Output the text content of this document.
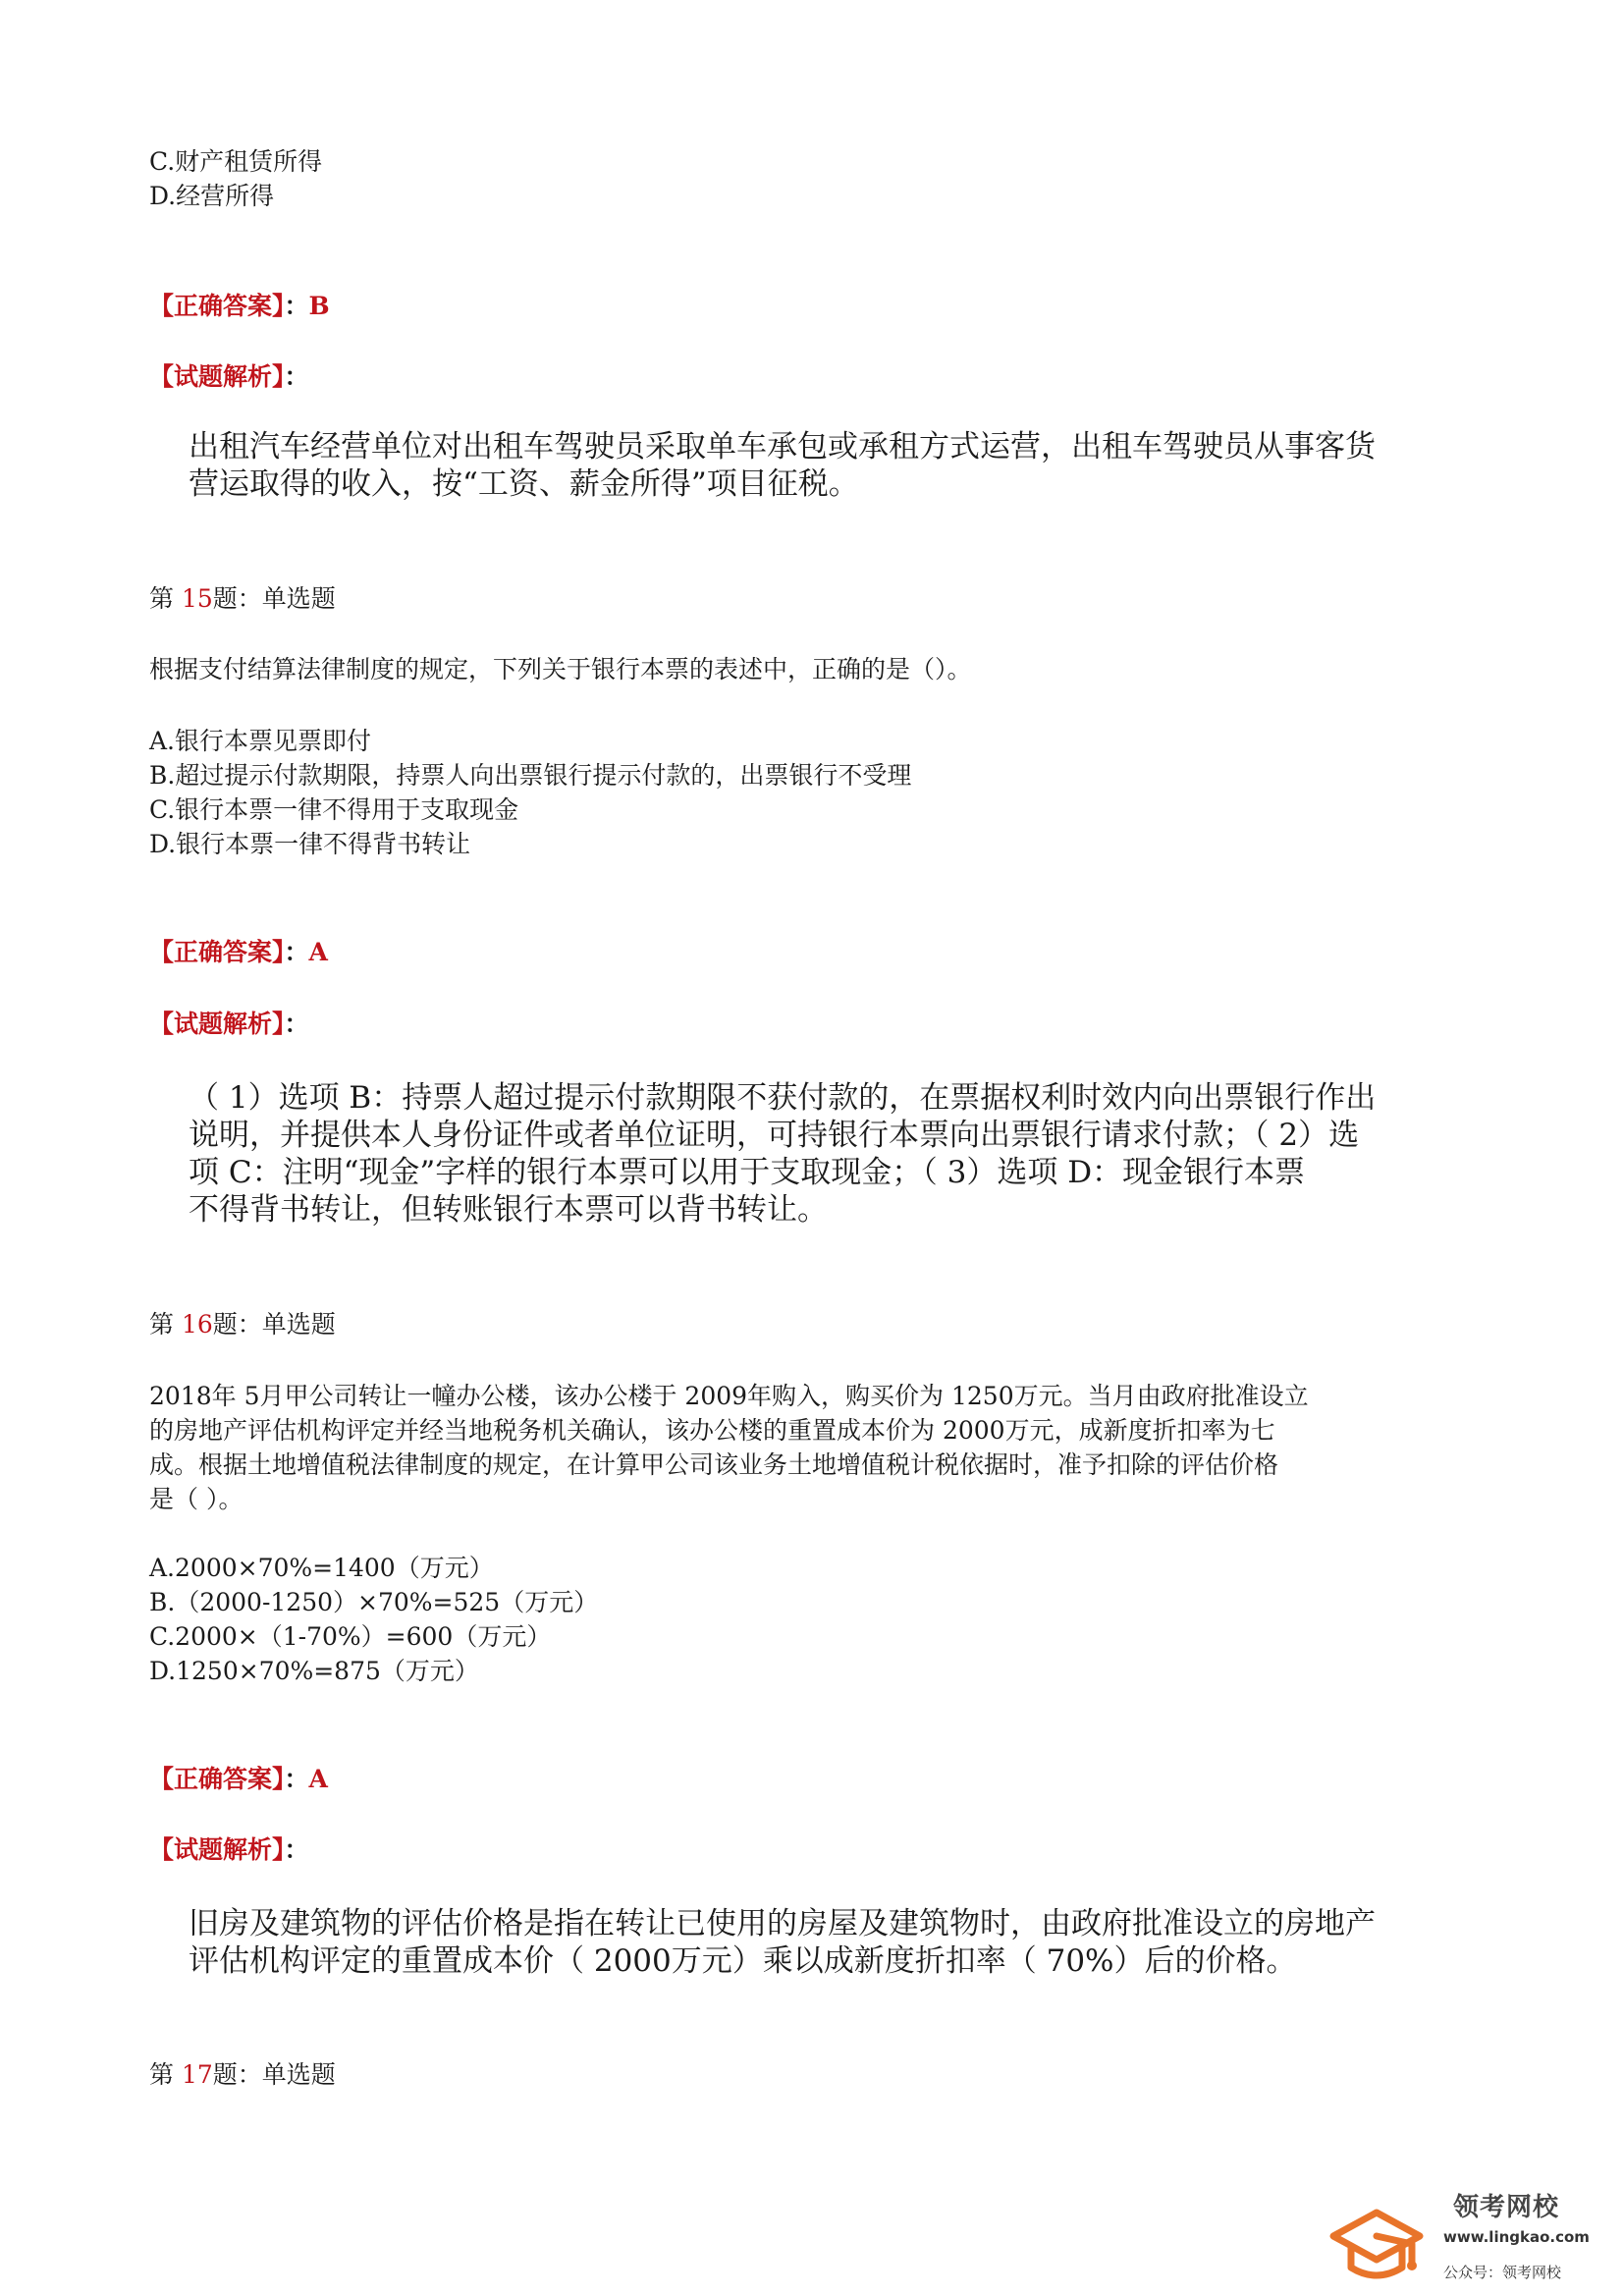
C.财产租赁所得
D.经营所得
【正确答案】：B
【试题解析】：
出租汽车经营单位对出租车驾驶员采取单车承包或承租方式运营，出租车驾驶员从事客货
营运取得的收入，按“工资、薪金所得”项目征税。
第 15题：单选题
根据支付结算法律制度的规定，下列关于银行本票的表述中，正确的是（）。
A.银行本票见票即付
B.超过提示付款期限，持票人向出票银行提示付款的，出票银行不受理
C.银行本票一律不得用于支取现金
D.银行本票一律不得背书转让
【正确答案】：A
【试题解析】：
（ 1）选项 B：持票人超过提示付款期限不获付款的，在票据权利时效内向出票银行作出
说明，并提供本人身份证件或者单位证明，可持银行本票向出票银行请求付款；（ 2）选
项 C：注明“现金”字样的银行本票可以用于支取现金；（ 3）选项 D：现金银行本票
不得背书转让，但转账银行本票可以背书转让。
第 16题：单选题
2018年 5月甲公司转让一幢办公楼，该办公楼于 2009年购入，购买价为 1250万元。当月由政府批准设立
的房地产评估机构评定并经当地税务机关确认，该办公楼的重置成本价为 2000万元，成新度折扣率为七
成。根据土地增值税法律制度的规定，在计算甲公司该业务土地增值税计税依据时，准予扣除的评估价格
是（ ）。
A.2000×70%=1400（万元）
B.（2000-1250）×70%=525（万元）
C.2000×（1-70%）=600（万元）
D.1250×70%=875（万元）
【正确答案】：A
【试题解析】：
旧房及建筑物的评估价格是指在转让已使用的房屋及建筑物时，由政府批准设立的房地产
评估机构评定的重置成本价（ 2000万元）乘以成新度折扣率（ 70%）后的价格。
第 17题：单选题
领考网校
www.lingkao.com
公众号：领考网校
